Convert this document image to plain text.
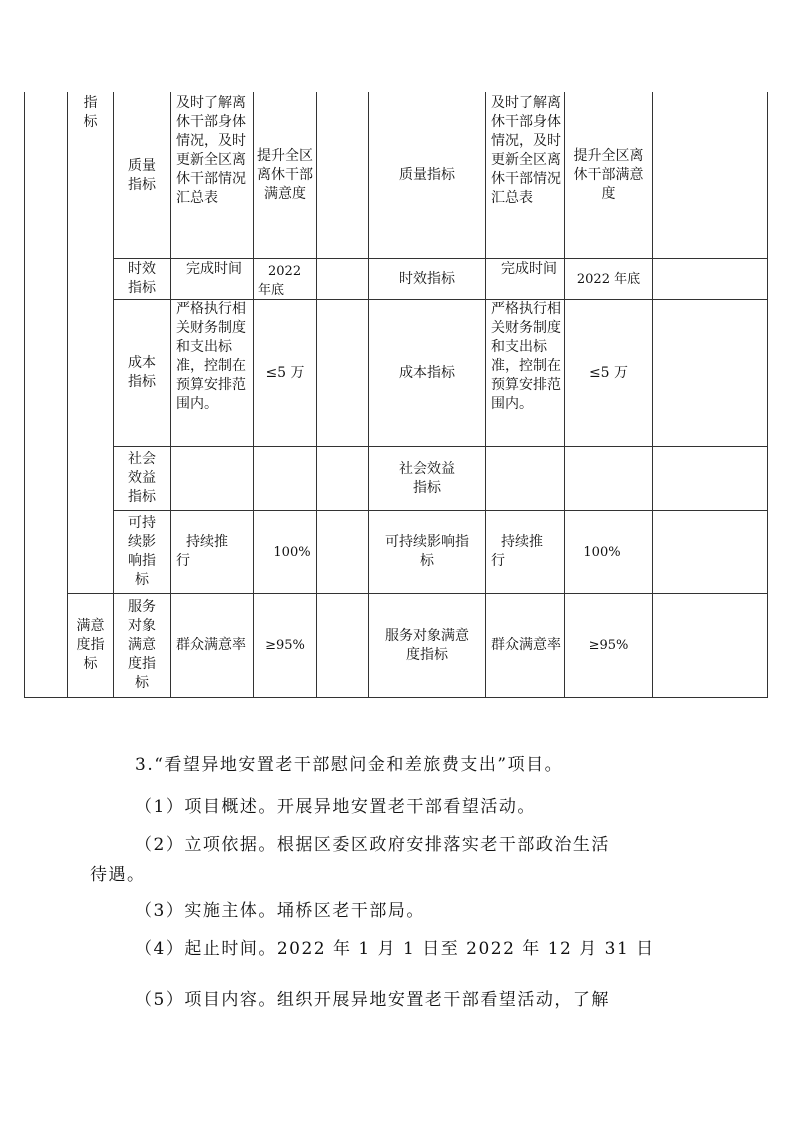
指标
质量指标
及时了解离休干部身体情况，及时更新全区离休干部情况汇总表
提升全区离休干部满意度
质量指标
及时了解离休干部身体情况，及时更新全区离休干部情况汇总表
提升全区离休干部满意度
时效指标
完成时间	2022年底
时效指标
完成时间
2022 年底
成本指标
严格执行相关财务制度和支出标准，控制在预算安排范围内。
≤5 万	成本指标
严格执行相关财务制度和支出标准，控制在预算安排范围内。
≤5 万
社会效益指标
社会效益指标
可持续影响指标
持续推行
100%
可持续影响指标
持续推行
100%
满意度指标
服务对象满意度指标
群众满意率 ≥95%
服务对象满意度指标
群众满意率 ≥95%
3.“看望异地安置老干部慰问金和差旅费支出”项目。
（1）项目概述。开展异地安置老干部看望活动。
（2）立项依据。根据区委区政府安排落实老干部政治生活
待遇。
（3）实施主体。埇桥区老干部局。
（4）起止时间。2022 年 1 月 1 日至 2022 年 12 月 31 日
（5）项目内容。组织开展异地安置老干部看望活动，了解
